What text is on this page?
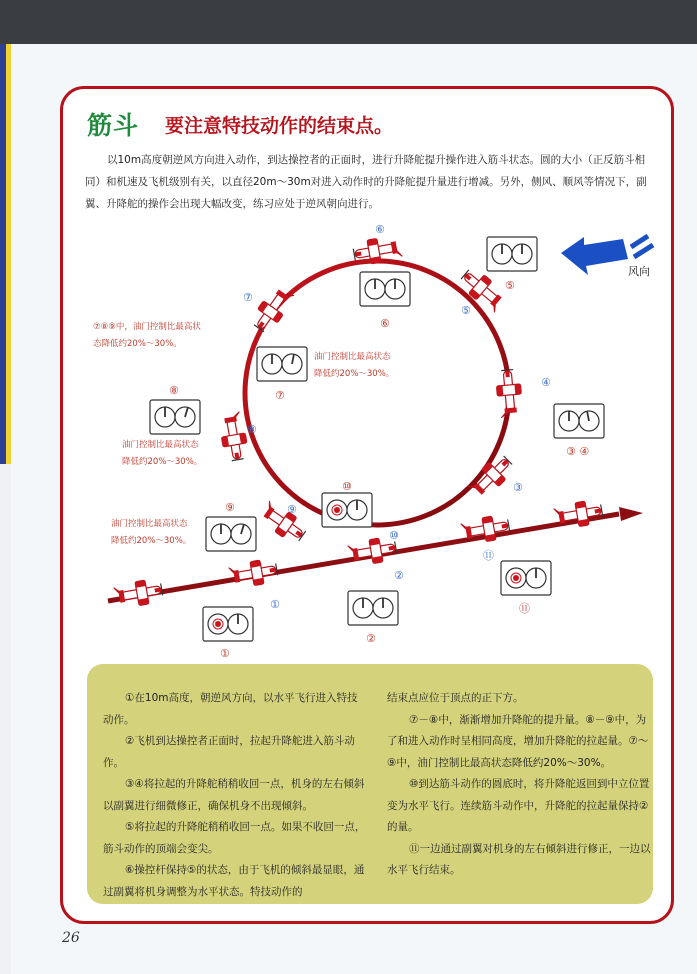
筋斗 要注意特技动作的结束点。
以10m高度朝逆风方向进入动作，到达操控者的正面时，进行升降舵提升操作进入筋斗状态。圆的大小（正反筋斗相同）和机速及飞机级别有关，以直径20m～30m对进入动作时的升降舵提升量进行增减。另外，侧风、顺风等情况下，副翼、升降舵的操作会出现大幅改变，练习应处于逆风朝向进行。
风向
①
②
③
④
⑤
⑥
⑦
⑧
⑨
⑩
⑪
①
②
⑩
⑪
⑨
⑧	⑦
⑥
⑤
③ ④
⑦⑧⑨中，油门控制比最高状
态降低约20%～30%。
油门控制比最高状态
降低约20%～30%。
油门控制比最高状态
降低约20%～30%。
油门控制比最高状态
降低约20%～30%。

①在10m高度，朝逆风方向，以水平飞行进入特技动作。

②飞机到达操控者正面时，拉起升降舵进入筋斗动作。

③④将拉起的升降舵稍稍收回一点，机身的左右倾斜以副翼进行细微修正，确保机身不出现倾斜。

⑤将拉起的升降舵稍稍收回一点。如果不收回一点，筋斗动作的顶端会变尖。

⑥操控杆保持⑤的状态，由于飞机的倾斜最显眼，通过副翼将机身调整为水平状态。特技动作的

结束点应位于顶点的正下方。

⑦－⑧中，渐渐增加升降舵的提升量。⑧－⑨中，为了和进入动作时呈相同高度，增加升降舵的拉起量。⑦～⑨中，油门控制比最高状态降低约20%～30%。

⑩到达筋斗动作的圆底时，将升降舵返回到中立位置变为水平飞行。连续筋斗动作中，升降舵的拉起量保持②的量。

⑪一边通过副翼对机身的左右倾斜进行修正，一边以水平飞行结束。

26
